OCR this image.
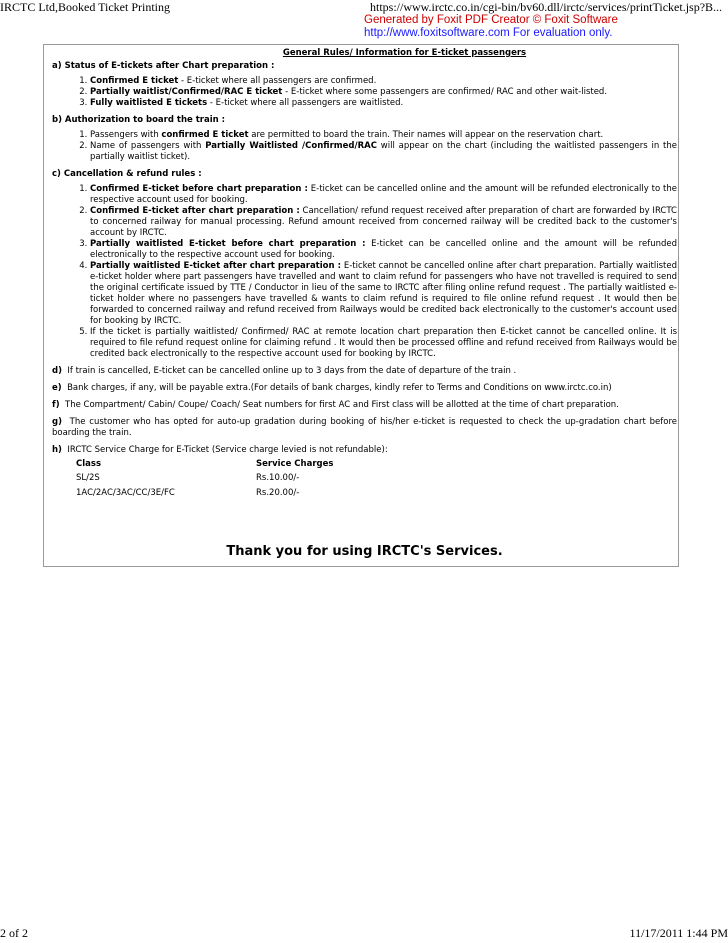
IRCTC Ltd,Booked Ticket Printing	https://www.irctc.co.in/cgi-bin/bv60.dll/irctc/services/printTicket.jsp?B...
Generated by Foxit PDF Creator © Foxit Software
http://www.foxitsoftware.com For evaluation only.
General Rules/ Information for E-ticket passengers
a) Status of E-tickets after Chart preparation :
1. Confirmed E ticket - E-ticket where all passengers are confirmed.
2. Partially waitlist/Confirmed/RAC E ticket - E-ticket where some passengers are confirmed/ RAC and other wait-listed.
3. Fully waitlisted E tickets - E-ticket where all passengers are waitlisted.
b) Authorization to board the train :
1. Passengers with confirmed E ticket are permitted to board the train. Their names will appear on the reservation chart.
2. Name of passengers with Partially Waitlisted /Confirmed/RAC will appear on the chart (including the waitlisted passengers in the partially waitlist ticket).
c) Cancellation & refund rules :
1. Confirmed E-ticket before chart preparation : E-ticket can be cancelled online and the amount will be refunded electronically to the respective account used for booking.
2. Confirmed E-ticket after chart preparation : Cancellation/ refund request received after preparation of chart are forwarded by IRCTC to concerned railway for manual processing. Refund amount received from concerned railway will be credited back to the customer's account by IRCTC.
3. Partially waitlisted E-ticket before chart preparation : E-ticket can be cancelled online and the amount will be refunded electronically to the respective account used for booking.
4. Partially waitlisted E-ticket after chart preparation : E-ticket cannot be cancelled online after chart preparation. Partially waitlisted e-ticket holder where part passengers have travelled and want to claim refund for passengers who have not travelled is required to send the original certificate issued by TTE / Conductor in lieu of the same to IRCTC after filing online refund request . The partially waitlisted e-ticket holder where no passengers have travelled & wants to claim refund is required to file online refund request . It would then be forwarded to concerned railway and refund received from Railways would be credited back electronically to the customer's account used for booking by IRCTC.
5. If the ticket is partially waitlisted/ Confirmed/ RAC at remote location chart preparation then E-ticket cannot be cancelled online. It is required to file refund request online for claiming refund . It would then be processed offline and refund received from Railways would be credited back electronically to the respective account used for booking by IRCTC.

d) If train is cancelled, E-ticket can be cancelled online up to 3 days from the date of departure of the train .

e) Bank charges, if any, will be payable extra.(For details of bank charges, kindly refer to Terms and Conditions on www.irctc.co.in)

f) The Compartment/ Cabin/ Coupe/ Coach/ Seat numbers for first AC and First class will be allotted at the time of chart preparation.

g) The customer who has opted for auto-up gradation during booking of his/her e-ticket is requested to check the up-gradation chart before boarding the train.

h) IRCTC Service Charge for E-Ticket (Service charge levied is not refundable):

Class	Service Charges
SL/2S	Rs.10.00/-
1AC/2AC/3AC/CC/3E/FC	Rs.20.00/-
Thank you for using IRCTC's Services.
2 of 2	11/17/2011 1:44 PM
